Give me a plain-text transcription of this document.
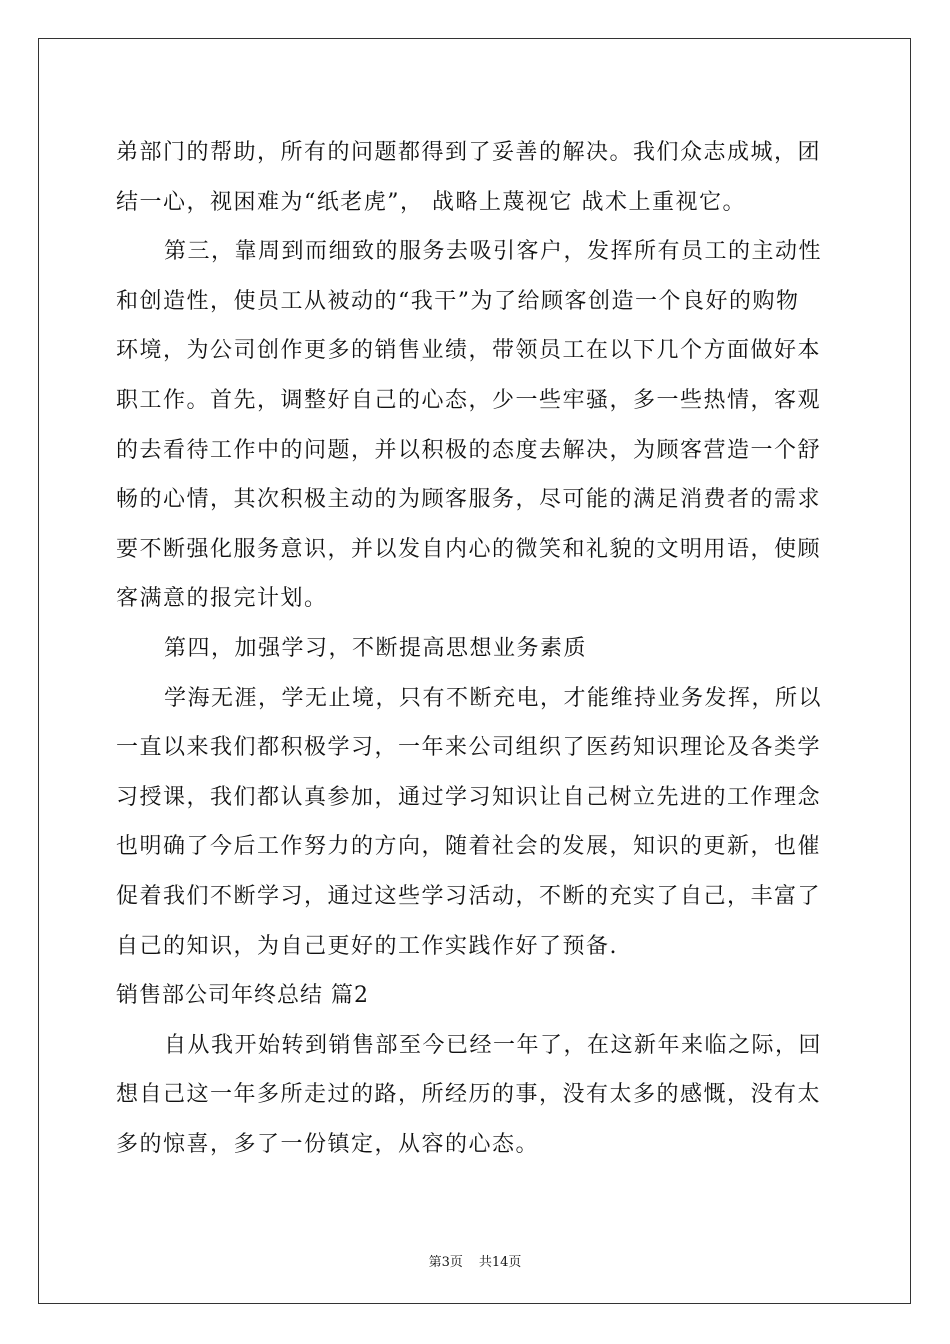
弟部门的帮助，所有的问题都得到了妥善的解决。我们众志成城，团
结一心，视困难为“纸老虎”， 战略上蔑视它 战术上重视它。
第三，靠周到而细致的服务去吸引客户，发挥所有员工的主动性
和创造性，使员工从被动的“我干”为了给顾客创造一个良好的购物
环境，为公司创作更多的销售业绩，带领员工在以下几个方面做好本
职工作。首先，调整好自己的心态，少一些牢骚，多一些热情，客观
的去看待工作中的问题，并以积极的态度去解决，为顾客营造一个舒
畅的心情，其次积极主动的为顾客服务，尽可能的满足消费者的需求
要不断强化服务意识，并以发自内心的微笑和礼貌的文明用语，使顾
客满意的报完计划。
第四，加强学习，不断提高思想业务素质
学海无涯，学无止境，只有不断充电，才能维持业务发挥，所以
一直以来我们都积极学习，一年来公司组织了医药知识理论及各类学
习授课，我们都认真参加，通过学习知识让自己树立先进的工作理念
也明确了今后工作努力的方向，随着社会的发展，知识的更新，也催
促着我们不断学习，通过这些学习活动，不断的充实了自己，丰富了
自己的知识，为自己更好的工作实践作好了预备.
销售部公司年终总结 篇2
自从我开始转到销售部至今已经一年了，在这新年来临之际，回
想自己这一年多所走过的路，所经历的事，没有太多的感慨，没有太
多的惊喜，多了一份镇定，从容的心态。
第3页 共14页
